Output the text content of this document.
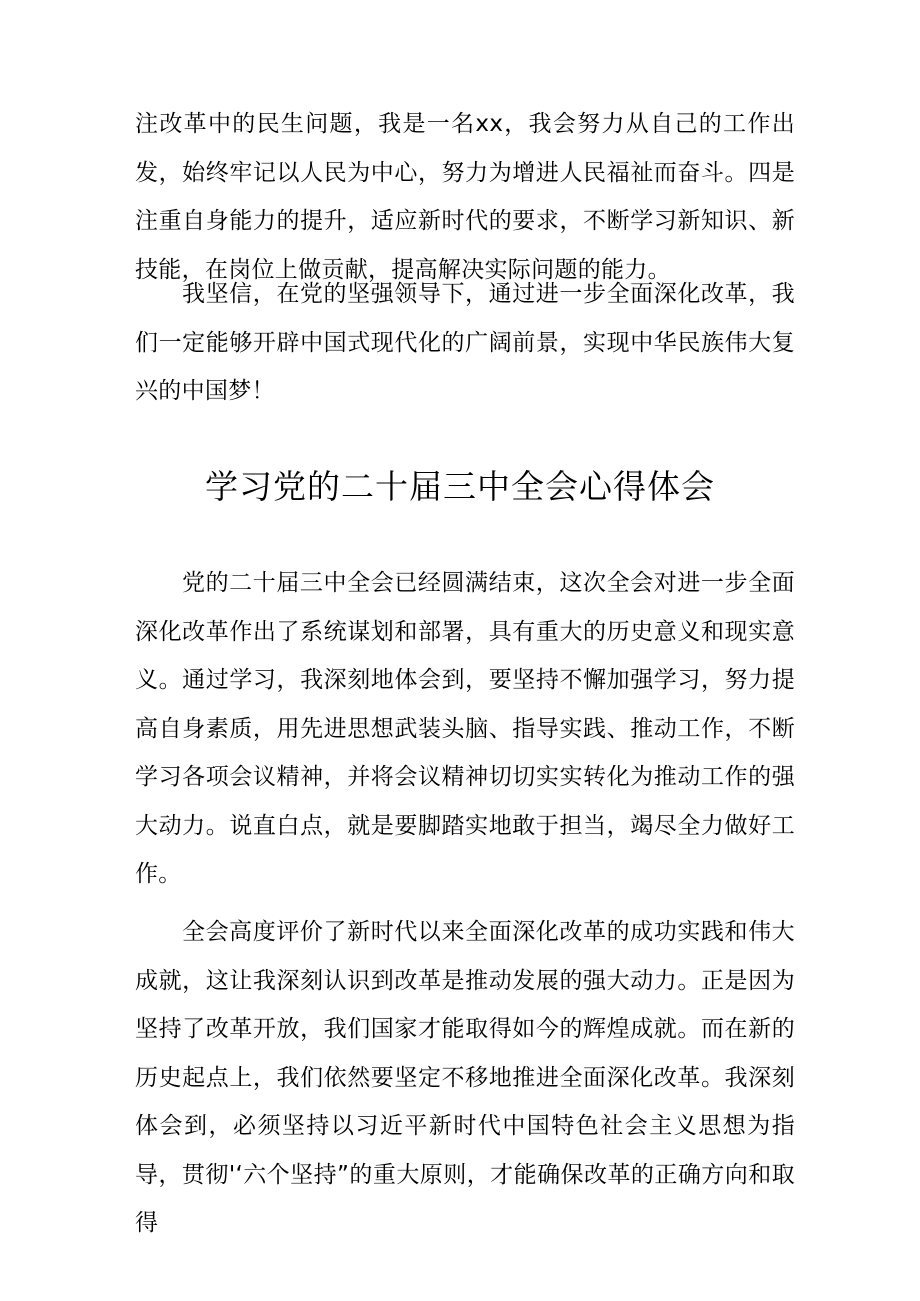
注改革中的民生问题，我是一名xx，我会努力从自己的工作出发，始终牢记以人民为中心，努力为增进人民福祉而奋斗。四是注重自身能力的提升，适应新时代的要求，不断学习新知识、新技能，在岗位上做贡献，提高解决实际问题的能力。

我坚信，在党的坚强领导下，通过进一步全面深化改革，我们一定能够开辟中国式现代化的广阔前景，实现中华民族伟大复兴的中国梦！

学习党的二十届三中全会心得体会

党的二十届三中全会已经圆满结束，这次全会对进一步全面深化改革作出了系统谋划和部署，具有重大的历史意义和现实意义。通过学习，我深刻地体会到，要坚持不懈加强学习，努力提高自身素质，用先进思想武装头脑、指导实践、推动工作，不断学习各项会议精神，并将会议精神切切实实转化为推动工作的强大动力。说直白点，就是要脚踏实地敢于担当，竭尽全力做好工作。

全会高度评价了新时代以来全面深化改革的成功实践和伟大成就，这让我深刻认识到改革是推动发展的强大动力。正是因为坚持了改革开放，我们国家才能取得如今的辉煌成就。而在新的历史起点上，我们依然要坚定不移地推进全面深化改革。我深刻体会到，必须坚持以习近平新时代中国特色社会主义思想为指导，贯彻'‘六个坚持”的重大原则，才能确保改革的正确方向和取得
